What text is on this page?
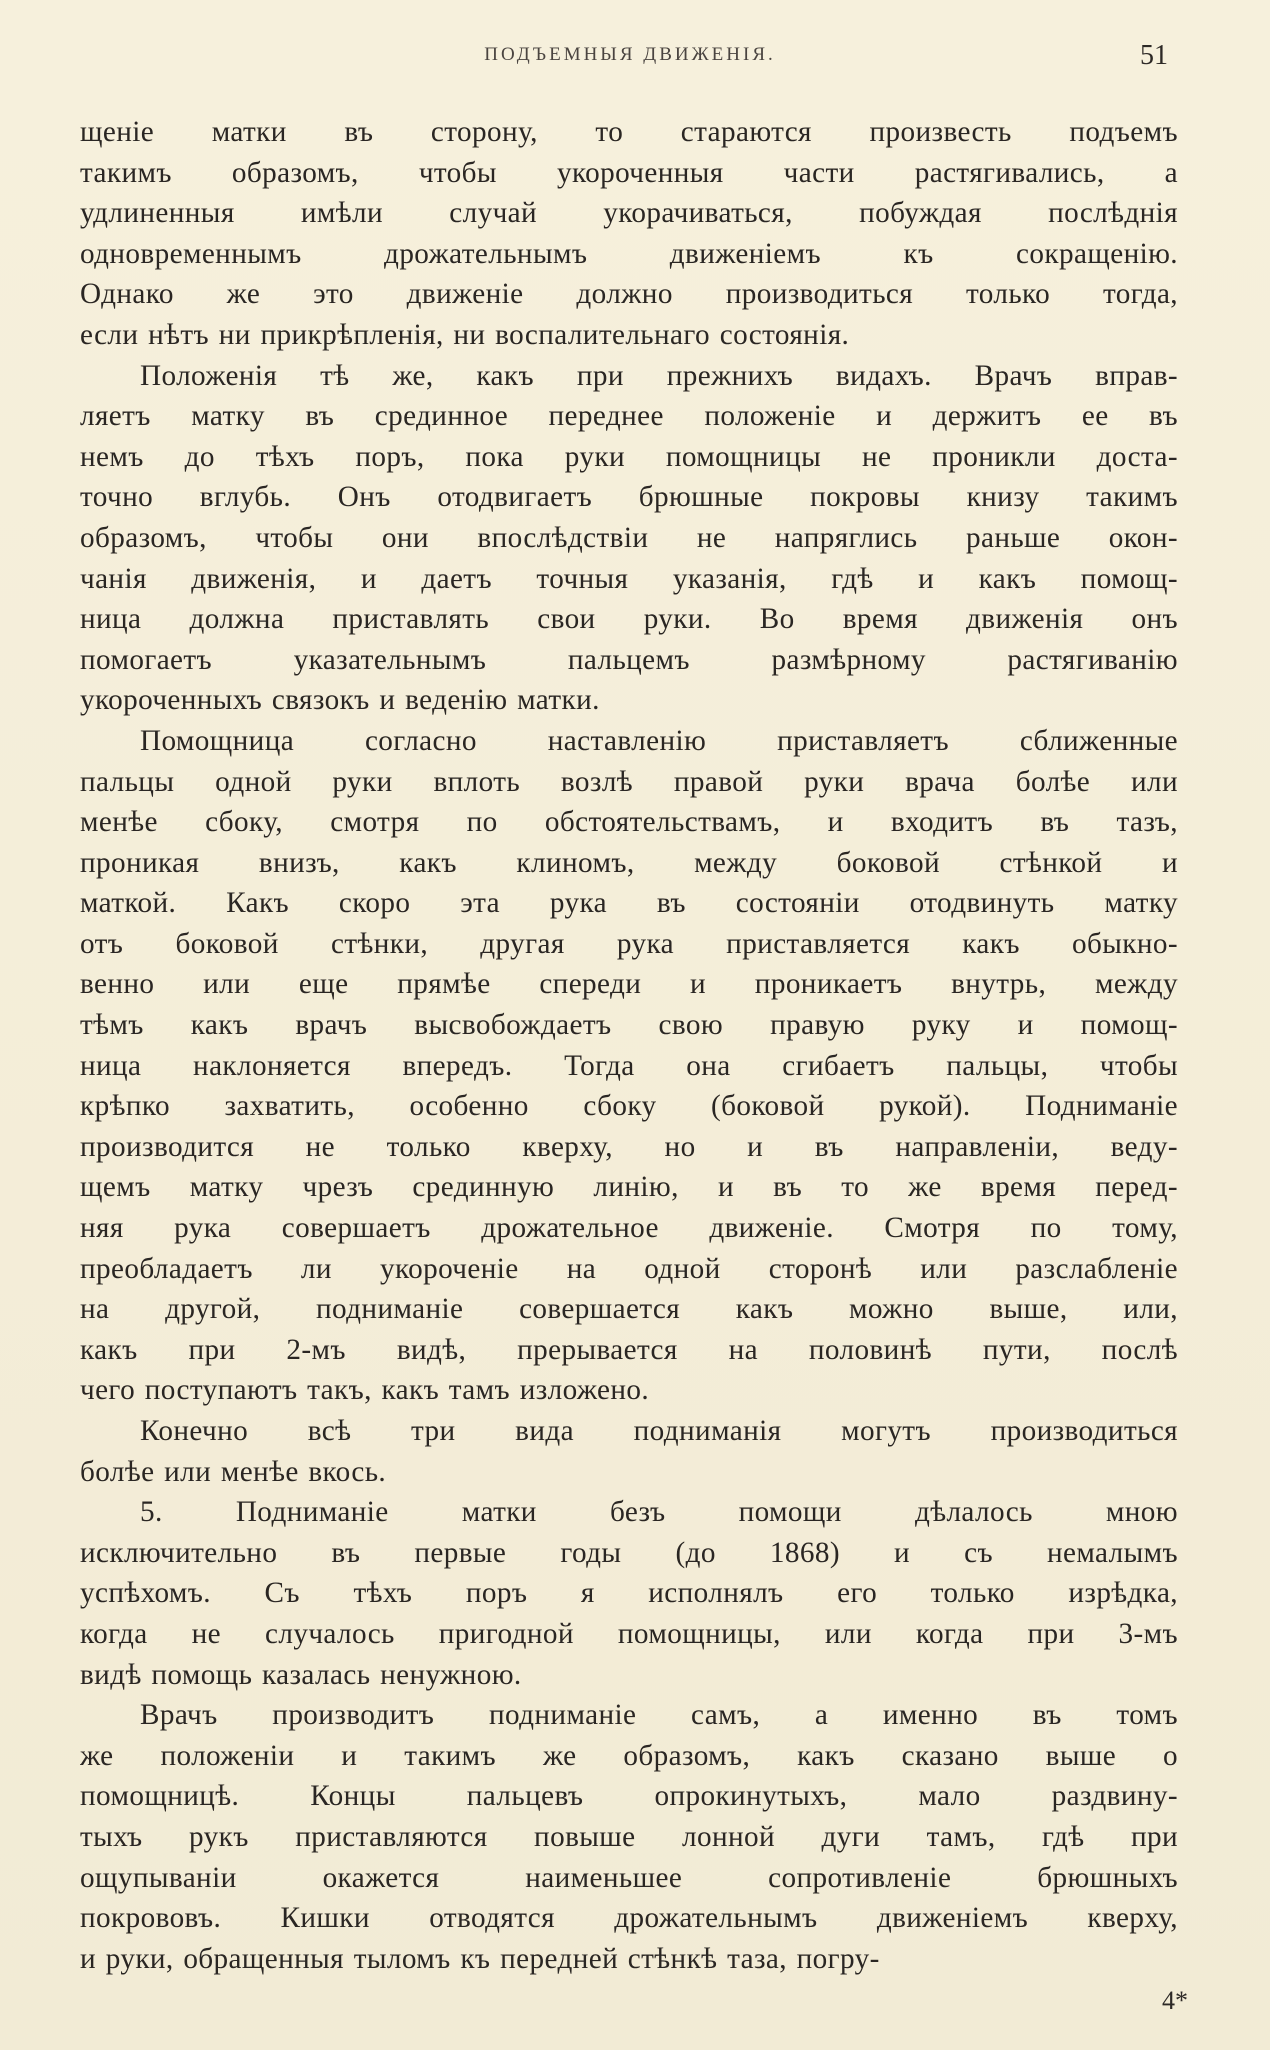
ПОДЪЕМНЫЯ ДВИЖЕНІЯ.	51
щеніе матки въ сторону, то стараются произвесть подъемъ
такимъ образомъ, чтобы укороченныя части растягивались, а
удлиненныя имѣли случай укорачиваться, побуждая послѣднія
одновременнымъ дрожательнымъ движеніемъ къ сокращенію.
Однако же это движеніе должно производиться только тогда,
если нѣтъ ни прикрѣпленія, ни воспалительнаго состоянія.
Положенія тѣ же, какъ при прежнихъ видахъ. Врачъ вправ-
ляетъ матку въ срединное переднее положеніе и держитъ ее въ
немъ до тѣхъ поръ, пока руки помощницы не проникли доста-
точно вглубь. Онъ отодвигаетъ брюшные покровы книзу такимъ
образомъ, чтобы они впослѣдствіи не напряглись раньше окон-
чанія движенія, и даетъ точныя указанія, гдѣ и какъ помощ-
ница должна приставлять свои руки. Во время движенія онъ
помогаетъ указательнымъ пальцемъ размѣрному растягиванію
укороченныхъ связокъ и веденію матки.
Помощница согласно наставленію приставляетъ сближенные
пальцы одной руки вплоть возлѣ правой руки врача болѣе или
менѣе сбоку, смотря по обстоятельствамъ, и входитъ въ тазъ,
проникая внизъ, какъ клиномъ, между боковой стѣнкой и
маткой. Какъ скоро эта рука въ состояніи отодвинуть матку
отъ боковой стѣнки, другая рука приставляется какъ обыкно-
венно или еще прямѣе спереди и проникаетъ внутрь, между
тѣмъ какъ врачъ высвобождаетъ свою правую руку и помощ-
ница наклоняется впередъ. Тогда она сгибаетъ пальцы, чтобы
крѣпко захватить, особенно сбоку (боковой рукой). Подниманіе
производится не только кверху, но и въ направленіи, веду-
щемъ матку чрезъ срединную линію, и въ то же время перед-
няя рука совершаетъ дрожательное движеніе. Смотря по тому,
преобладаетъ ли укороченіе на одной сторонѣ или разслабленіе
на другой, подниманіе совершается какъ можно выше, или,
какъ при 2-мъ видѣ, прерывается на половинѣ пути, послѣ
чего поступаютъ такъ, какъ тамъ изложено.
Конечно всѣ три вида подниманія могутъ производиться
болѣе или менѣе вкось.
5. Подниманіе матки безъ помощи дѣлалось мною
исключительно въ первые годы (до 1868) и съ немалымъ
успѣхомъ. Съ тѣхъ поръ я исполнялъ его только изрѣдка,
когда не случалось пригодной помощницы, или когда при 3-мъ
видѣ помощь казалась ненужною.
Врачъ производитъ подниманіе самъ, а именно въ томъ
же положеніи и такимъ же образомъ, какъ сказано выше о
помощницѣ. Концы пальцевъ опрокинутыхъ, мало раздвину-
тыхъ рукъ приставляются повыше лонной дуги тамъ, гдѣ при
ощупываніи окажется наименьшее сопротивленіе брюшныхъ
покрововъ. Кишки отводятся дрожательнымъ движеніемъ кверху,
и руки, обращенныя тыломъ къ передней стѣнкѣ таза, погру-
4*
